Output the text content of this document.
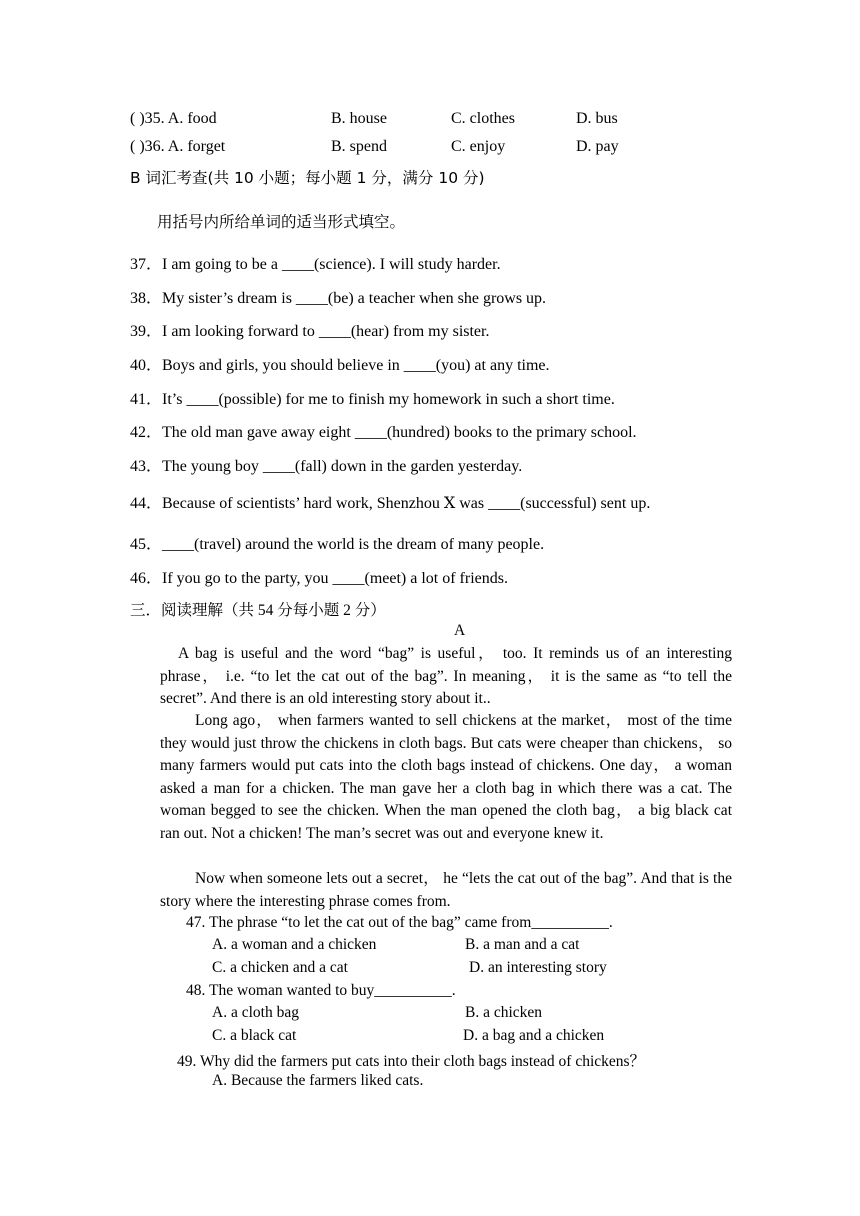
( )35. A. food	B. house	C. clothes	D. bus
( )36. A. forget	B. spend	C. enjoy	D. pay
B 词汇考查(共 10 小题；每小题 1 分，满分 10 分)
用括号内所给单词的适当形式填空。
37．I am going to be a ____(science). I will study harder.
38．My sister’s dream is ____(be) a teacher when she grows up.
39．I am looking forward to ____(hear) from my sister.
40．Boys and girls, you should believe in ____(you) at any time.
41．It’s ____(possible) for me to finish my homework in such a short time.
42．The old man gave away eight ____(hundred) books to the primary school.
43．The young boy ____(fall) down in the garden yesterday.
44．Because of scientists’ hard work, Shenzhou Ⅹ was ____(successful) sent up.
45．____(travel) around the world is the dream of many people.
46．If you go to the party, you ____(meet) a lot of friends.
三．阅读理解（共 54 分每小题 2 分）
A
A bag is useful and the word “bag” is useful， too. It reminds us of an interesting phrase， i.e. “to let the cat out of the bag”. In meaning， it is the same as “to tell the secret”. And there is an old interesting story about it..
Long ago， when farmers wanted to sell chickens at the market， most of the time they would just throw the chickens in cloth bags. But cats were cheaper than chickens， so many farmers would put cats into the cloth bags instead of chickens. One day， a woman asked a man for a chicken. The man gave her a cloth bag in which there was a cat. The woman begged to see the chicken. When the man opened the cloth bag， a big black cat ran out. Not a chicken! The man’s secret was out and everyone knew it.
Now when someone lets out a secret， he “lets the cat out of the bag”. And that is the story where the interesting phrase comes from.
47. The phrase “to let the cat out of the bag” came from__________.
A. a woman and a chicken	B. a man and a cat
C. a chicken and a cat	D. an interesting story
48. The woman wanted to buy__________.
A. a cloth bag	B. a chicken
C. a black cat	D. a bag and a chicken
49. Why did the farmers put cats into their cloth bags instead of chickens？
A. Because the farmers liked cats.
